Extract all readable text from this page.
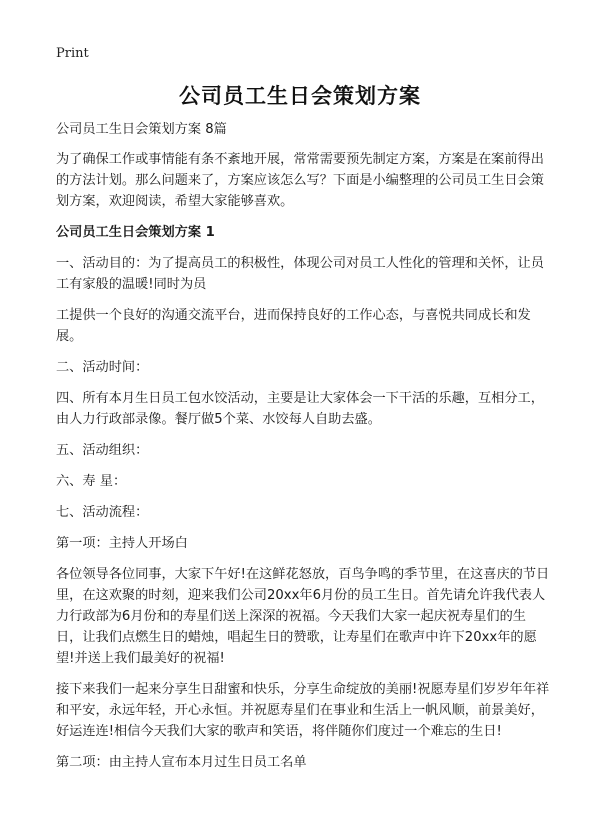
Print
公司员工生日会策划方案

公司员工生日会策划方案 8篇

为了确保工作或事情能有条不紊地开展，常常需要预先制定方案，方案是在案前得出的方法计划。那么问题来了，方案应该怎么写？下面是小编整理的公司员工生日会策划方案，欢迎阅读，希望大家能够喜欢。

公司员工生日会策划方案 1

一、活动目的：为了提高员工的积极性，体现公司对员工人性化的管理和关怀，让员工有家般的温暖!同时为员

工提供一个良好的沟通交流平台，进而保持良好的工作心态，与喜悦共同成长和发展。

二、活动时间：

四、所有本月生日员工包水饺活动，主要是让大家体会一下干活的乐趣，互相分工，由人力行政部录像。餐厅做5个菜、水饺每人自助去盛。

五、活动组织：

六、寿 星：

七、活动流程：

第一项：主持人开场白

各位领导各位同事，大家下午好!在这鲜花怒放，百鸟争鸣的季节里，在这喜庆的节日里，在这欢聚的时刻，迎来我们公司20xx年6月份的员工生日。首先请允许我代表人力行政部为6月份和的寿星们送上深深的祝福。今天我们大家一起庆祝寿星们的生日，让我们点燃生日的蜡烛，唱起生日的赞歌，让寿星们在歌声中许下20xx年的愿望!并送上我们最美好的祝福!

接下来我们一起来分享生日甜蜜和快乐，分享生命绽放的美丽!祝愿寿星们岁岁年年祥和平安，永远年轻，开心永恒。并祝愿寿星们在事业和生活上一帆风顺，前景美好，好运连连!相信今天我们大家的歌声和笑语，将伴随你们度过一个难忘的生日!

第二项：由主持人宣布本月过生日员工名单
